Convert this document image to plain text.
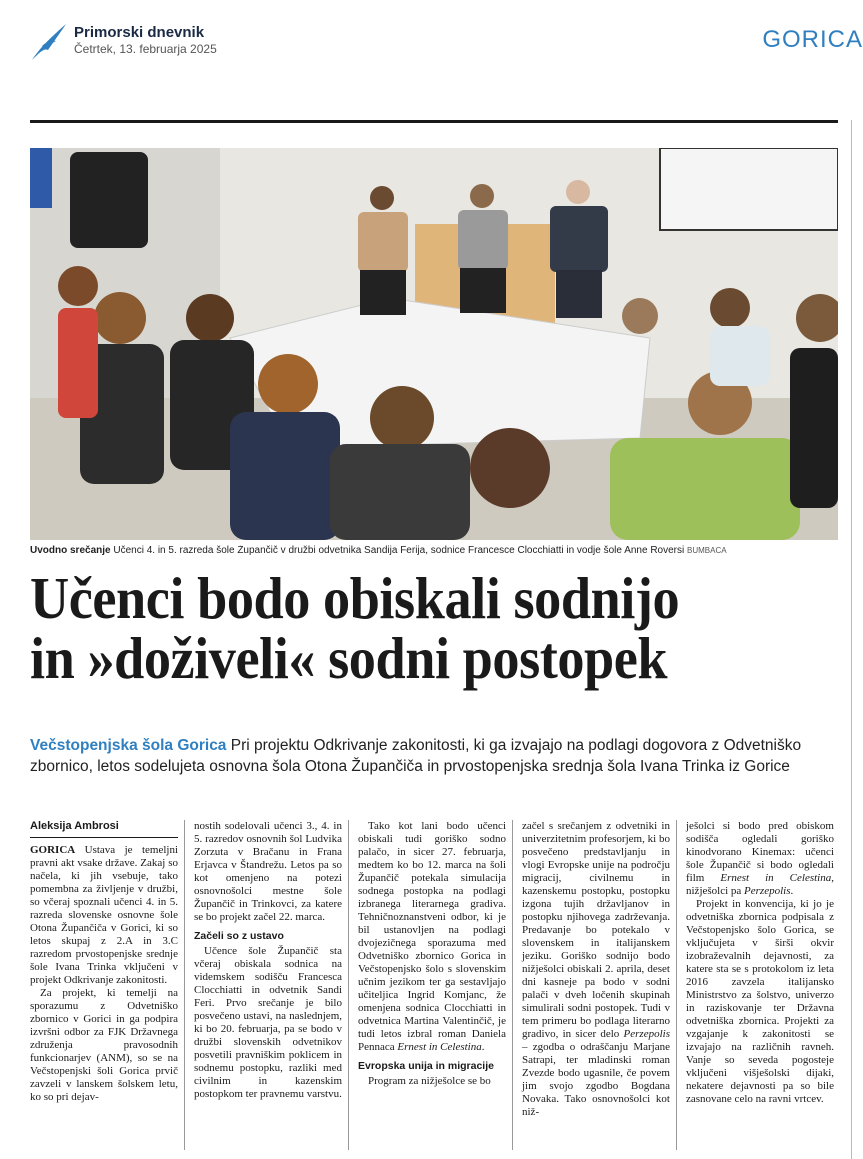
Primorski dnevnik
Četrtek, 13. februarja 2025	GORICA
Uvodno srečanje Učenci 4. in 5. razreda šole Župančič v družbi odvetnika Sandija Ferija, sodnice Francesce Clocchiatti in vodje šole Anne Roversi BUMBACA
Učenci bodo obiskali sodnijo
in »doživeli« sodni postopek
Večstopenjska šola Gorica Pri projektu Odkrivanje zakonitosti, ki ga izvajajo na podlagi dogovora z Odvetniško zbornico, letos sodelujeta osnovna šola Otona Župančiča in prvostopenjska srednja šola Ivana Trinka iz Gorice
Aleksija Ambrosi

GORICA Ustava je temeljni pravni akt vsake države. Zakaj so načela, ki jih vsebuje, tako pomembna za življenje v družbi, so včeraj spoznali učenci 4. in 5. razreda slovenske osnovne šole Otona Župančiča v Gorici, ki so letos skupaj z 2.A in 3.C razredom prvostopenjske srednje šole Ivana Trinka vključeni v projekt Odkrivanje zakonitosti.

Za projekt, ki temelji na sporazumu z Odvetniško zbornico v Gorici in ga podpira izvršni odbor za FJK Državnega združenja pravosodnih funkcionarjev (ANM), so se na Večstopenjski šoli Gorica prvič zavzeli v lanskem šolskem letu, ko so pri dejav-

nostih sodelovali učenci 3., 4. in 5. razredov osnovnih šol Ludvika Zorzuta v Bračanu in Frana Erjavca v Štandrežu. Letos pa so kot omenjeno na potezi osnovnošolci mestne šole Župančič in Trinkovci, za katere se bo projekt začel 22. marca.

Začeli so z ustavo

Učence šole Župančič sta včeraj obiskala sodnica na videmskem sodišču Francesca Clocchiatti in odvetnik Sandi Feri. Prvo srečanje je bilo posvečeno ustavi, na naslednjem, ki bo 20. februarja, pa se bodo v družbi slovenskih odvetnikov posvetili pravniškim poklicem in sodnemu postopku, razliki med civilnim in kazenskim postopkom ter pravnemu varstvu.

Tako kot lani bodo učenci obiskali tudi goriško sodno palačo, in sicer 27. februarja, medtem ko bo 12. marca na šoli Župančič potekala simulacija sodnega postopka na podlagi izbranega literarnega gradiva. Tehničnoznanstveni odbor, ki je bil ustanovljen na podlagi dvojezičnega sporazuma med Odvetniško zbornico Gorica in Večstopenjsko šolo s slovenskim učnim jezikom ter ga sestavljajo učiteljica Ingrid Komjanc, že omenjena sodnica Clocchiatti in odvetnica Martina Valentinčič, je tudi letos izbral roman Daniela Pennaca Ernest in Celestina.

Evropska unija in migracije

Program za nižješolce se bo

začel s srečanjem z odvetniki in univerzitetnim profesorjem, ki bo posvečeno predstavljanju in vlogi Evropske unije na področju migracij, civilnemu in kazenskemu postopku, postopku izgona tujih državljanov in postopku njihovega zadrževanja. Predavanje bo potekalo v slovenskem in italijanskem jeziku. Goriško sodnijo bodo nižješolci obiskali 2. aprila, deset dni kasneje pa bodo v sodni palači v dveh ločenih skupinah simulirali sodni postopek. Tudi v tem primeru bo podlaga literarno gradivo, in sicer delo Perzepolis – zgodba o odraščanju Marjane Satrapi, ter mladinski roman Zvezde bodo ugasnile, če povem jim svojo zgodbo Bogdana Novaka. Tako osnovnošolci kot niž-

ješolci si bodo pred obiskom sodišča ogledali goriško kinodvorano Kinemax: učenci šole Župančič si bodo ogledali film Ernest in Celestina, nižješolci pa Perzepolis.

Projekt in konvencija, ki jo je odvetniška zbornica podpisala z Večstopenjsko šolo Gorica, se vključujeta v širši okvir izobraževalnih dejavnosti, za katere sta se s protokolom iz leta 2016 zavzela italijansko Ministrstvo za šolstvo, univerzo in raziskovanje ter Državna odvetniška zbornica. Projekti za vzgajanje k zakonitosti se izvajajo na različnih ravneh. Vanje so seveda pogosteje vključeni višješolski dijaki, nekatere dejavnosti pa so bile zasnovane celo na ravni vrtcev.
